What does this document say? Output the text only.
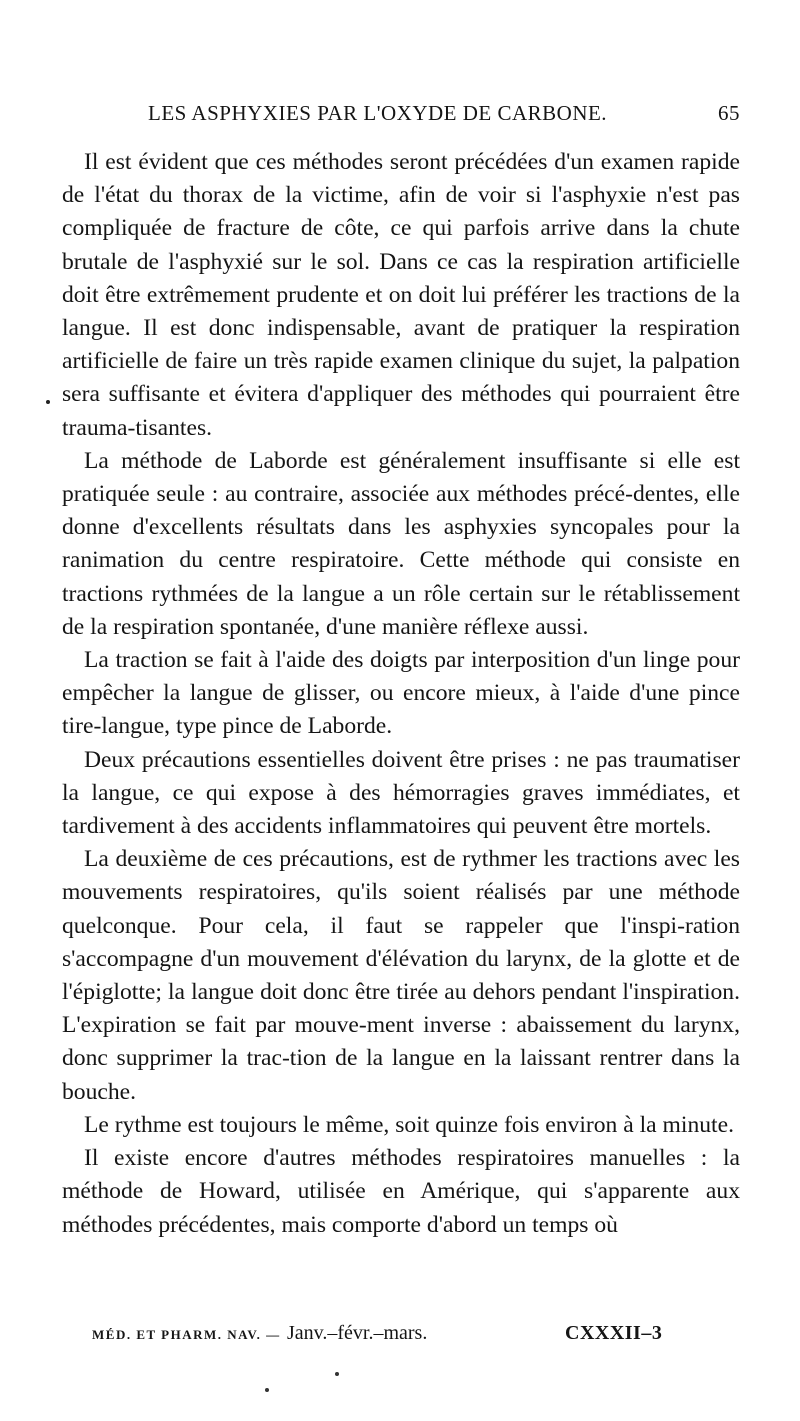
LES ASPHYXIES PAR L'OXYDE DE CARBONE.	65

Il est évident que ces méthodes seront précédées d'un examen rapide de l'état du thorax de la victime, afin de voir si l'asphyxie n'est pas compliquée de fracture de côte, ce qui parfois arrive dans la chute brutale de l'asphyxié sur le sol. Dans ce cas la respiration artificielle doit être extrêmement prudente et on doit lui préférer les tractions de la langue. Il est donc indispensable, avant de pratiquer la respiration artificielle de faire un très rapide examen clinique du sujet, la palpation sera suffisante et évitera d'appliquer des méthodes qui pourraient être trauma-tisantes.

La méthode de Laborde est généralement insuffisante si elle est pratiquée seule : au contraire, associée aux méthodes précé-dentes, elle donne d'excellents résultats dans les asphyxies syncopales pour la ranimation du centre respiratoire. Cette méthode qui consiste en tractions rythmées de la langue a un rôle certain sur le rétablissement de la respiration spontanée, d'une manière réflexe aussi.

La traction se fait à l'aide des doigts par interposition d'un linge pour empêcher la langue de glisser, ou encore mieux, à l'aide d'une pince tire-langue, type pince de Laborde.

Deux précautions essentielles doivent être prises : ne pas traumatiser la langue, ce qui expose à des hémorragies graves immédiates, et tardivement à des accidents inflammatoires qui peuvent être mortels.

La deuxième de ces précautions, est de rythmer les tractions avec les mouvements respiratoires, qu'ils soient réalisés par une méthode quelconque. Pour cela, il faut se rappeler que l'inspi-ration s'accompagne d'un mouvement d'élévation du larynx, de la glotte et de l'épiglotte; la langue doit donc être tirée au dehors pendant l'inspiration. L'expiration se fait par mouve-ment inverse : abaissement du larynx, donc supprimer la trac-tion de la langue en la laissant rentrer dans la bouche.

Le rythme est toujours le même, soit quinze fois environ à la minute.

Il existe encore d'autres méthodes respiratoires manuelles : la méthode de Howard, utilisée en Amérique, qui s'apparente aux méthodes précédentes, mais comporte d'abord un temps où

MÉD. ET PHARM. NAV. — Janv.–févr.–mars.	CXXXII–3
